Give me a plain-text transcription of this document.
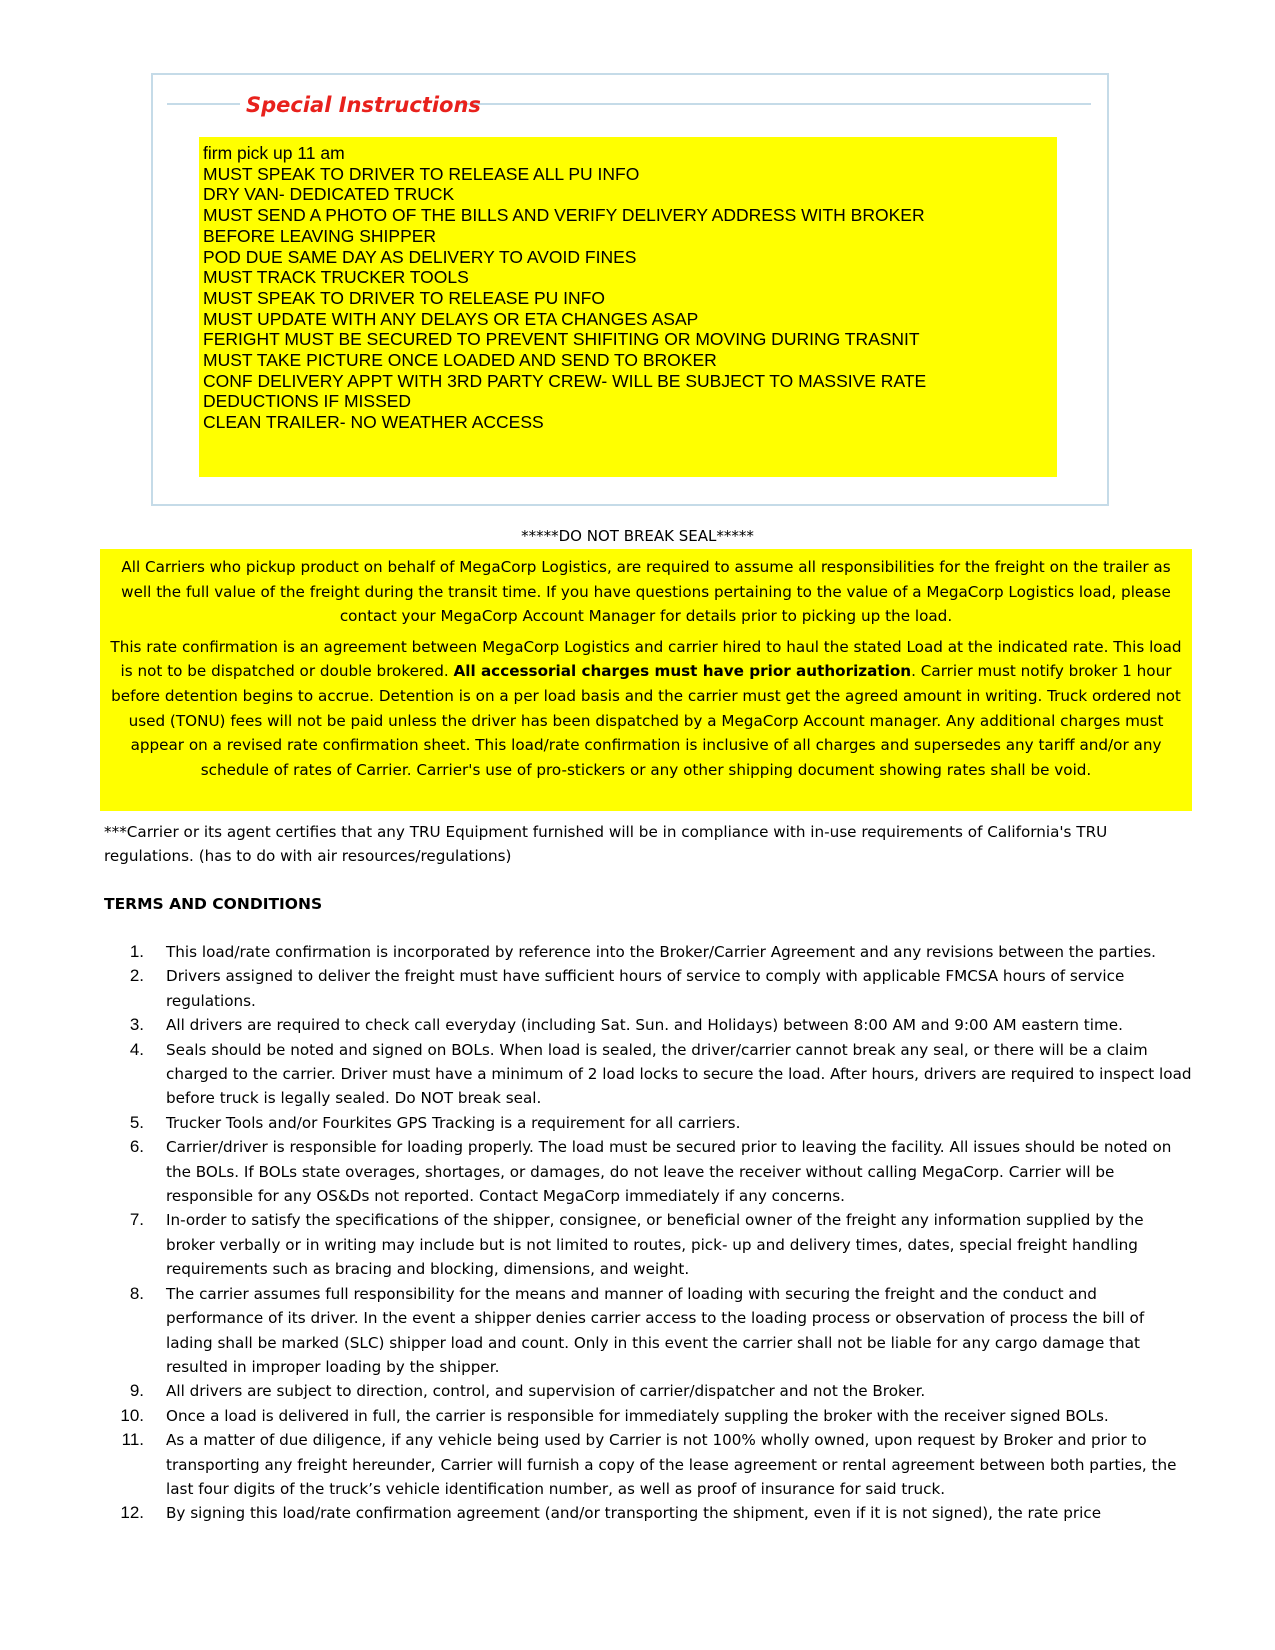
Special Instructions
firm pick up 11 am
MUST SPEAK TO DRIVER TO RELEASE ALL PU INFO
DRY VAN- DEDICATED TRUCK
MUST SEND A PHOTO OF THE BILLS AND VERIFY DELIVERY ADDRESS WITH BROKER
BEFORE LEAVING SHIPPER
POD DUE SAME DAY AS DELIVERY TO AVOID FINES
MUST TRACK TRUCKER TOOLS
MUST SPEAK TO DRIVER TO RELEASE PU INFO
MUST UPDATE WITH ANY DELAYS OR ETA CHANGES ASAP
FERIGHT MUST BE SECURED TO PREVENT SHIFITING OR MOVING DURING TRASNIT
MUST TAKE PICTURE ONCE LOADED AND SEND TO BROKER
CONF DELIVERY APPT WITH 3RD PARTY CREW- WILL BE SUBJECT TO MASSIVE RATE
DEDUCTIONS IF MISSED
CLEAN TRAILER- NO WEATHER ACCESS
*****DO NOT BREAK SEAL*****

All Carriers who pickup product on behalf of MegaCorp Logistics, are required to assume all responsibilities for the freight on the trailer as well the full value of the freight during the transit time. If you have questions pertaining to the value of a MegaCorp Logistics load, please contact your MegaCorp Account Manager for details prior to picking up the load.

This rate confirmation is an agreement between MegaCorp Logistics and carrier hired to haul the stated Load at the indicated rate. This load is not to be dispatched or double brokered. All accessorial charges must have prior authorization. Carrier must notify broker 1 hour before detention begins to accrue. Detention is on a per load basis and the carrier must get the agreed amount in writing. Truck ordered not used (TONU) fees will not be paid unless the driver has been dispatched by a MegaCorp Account manager. Any additional charges must appear on a revised rate confirmation sheet. This load/rate confirmation is inclusive of all charges and supersedes any tariff and/or any schedule of rates of Carrier. Carrier's use of pro-stickers or any other shipping document showing rates shall be void.

***Carrier or its agent certifies that any TRU Equipment furnished will be in compliance with in-use requirements of California's TRU regulations. (has to do with air resources/regulations)
TERMS AND CONDITIONS
1. This load/rate confirmation is incorporated by reference into the Broker/Carrier Agreement and any revisions between the parties.
2. Drivers assigned to deliver the freight must have sufficient hours of service to comply with applicable FMCSA hours of service regulations.
3. All drivers are required to check call everyday (including Sat. Sun. and Holidays) between 8:00 AM and 9:00 AM eastern time.
4. Seals should be noted and signed on BOLs. When load is sealed, the driver/carrier cannot break any seal, or there will be a claim charged to the carrier. Driver must have a minimum of 2 load locks to secure the load. After hours, drivers are required to inspect load before truck is legally sealed. Do NOT break seal.
5. Trucker Tools and/or Fourkites GPS Tracking is a requirement for all carriers.
6. Carrier/driver is responsible for loading properly. The load must be secured prior to leaving the facility. All issues should be noted on the BOLs. If BOLs state overages, shortages, or damages, do not leave the receiver without calling MegaCorp. Carrier will be responsible for any OS&Ds not reported. Contact MegaCorp immediately if any concerns.
7. In-order to satisfy the specifications of the shipper, consignee, or beneficial owner of the freight any information supplied by the broker verbally or in writing may include but is not limited to routes, pick- up and delivery times, dates, special freight handling requirements such as bracing and blocking, dimensions, and weight.
8. The carrier assumes full responsibility for the means and manner of loading with securing the freight and the conduct and performance of its driver. In the event a shipper denies carrier access to the loading process or observation of process the bill of lading shall be marked (SLC) shipper load and count. Only in this event the carrier shall not be liable for any cargo damage that resulted in improper loading by the shipper.
9. All drivers are subject to direction, control, and supervision of carrier/dispatcher and not the Broker.
10. Once a load is delivered in full, the carrier is responsible for immediately suppling the broker with the receiver signed BOLs.
11. As a matter of due diligence, if any vehicle being used by Carrier is not 100% wholly owned, upon request by Broker and prior to transporting any freight hereunder, Carrier will furnish a copy of the lease agreement or rental agreement between both parties, the last four digits of the truck’s vehicle identification number, as well as proof of insurance for said truck.
12. By signing this load/rate confirmation agreement (and/or transporting the shipment, even if it is not signed), the rate price
